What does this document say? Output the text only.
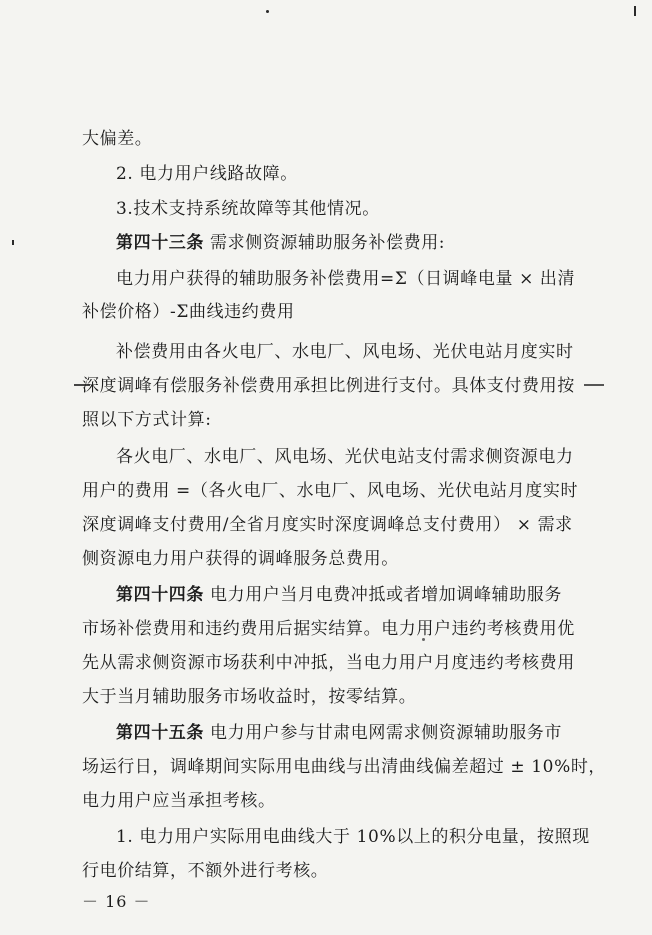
大偏差。
2. 电力用户线路故障。
3.技术支持系统故障等其他情况。
第四十三条 需求侧资源辅助服务补偿费用:
电力用户获得的辅助服务补偿费用=Σ（日调峰电量 × 出清
补偿价格）-Σ曲线违约费用
补偿费用由各火电厂、水电厂、风电场、光伏电站月度实时
深度调峰有偿服务补偿费用承担比例进行支付。具体支付费用按
照以下方式计算:
各火电厂、水电厂、风电场、光伏电站支付需求侧资源电力
用户的费用 =（各火电厂、水电厂、风电场、光伏电站月度实时
深度调峰支付费用/全省月度实时深度调峰总支付费用） × 需求
侧资源电力用户获得的调峰服务总费用。
第四十四条 电力用户当月电费冲抵或者增加调峰辅助服务
市场补偿费用和违约费用后据实结算。电力用户违约考核费用优
先从需求侧资源市场获利中冲抵，当电力用户月度违约考核费用
大于当月辅助服务市场收益时，按零结算。
第四十五条 电力用户参与甘肃电网需求侧资源辅助服务市
场运行日，调峰期间实际用电曲线与出清曲线偏差超过 ± 10%时，
电力用户应当承担考核。
1. 电力用户实际用电曲线大于 10%以上的积分电量，按照现
行电价结算，不额外进行考核。
－ 16 －
